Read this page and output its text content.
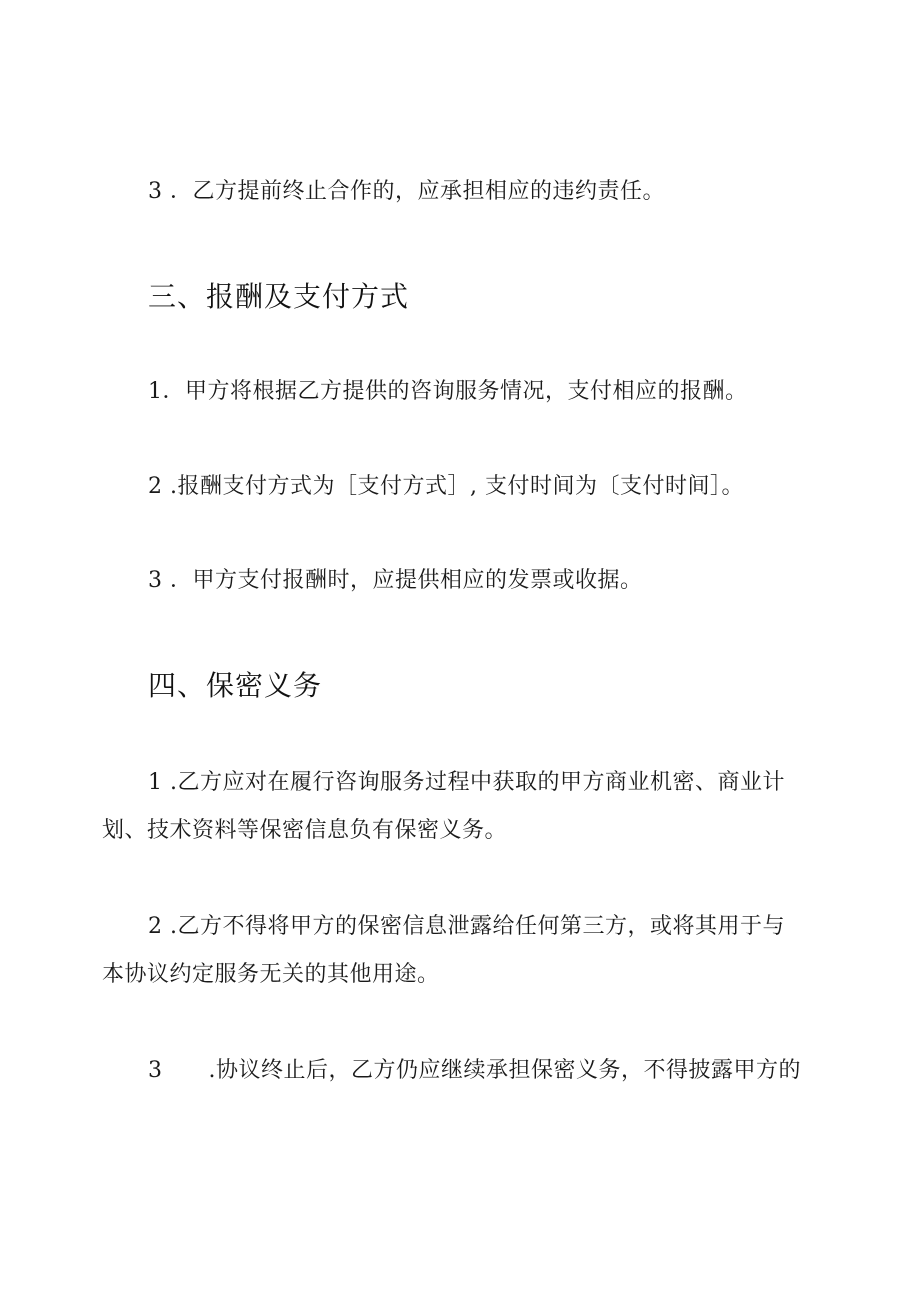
3 ．乙方提前终止合作的，应承担相应的违约责任。
三、报酬及支付方式
1．甲方将根据乙方提供的咨询服务情况，支付相应的报酬。
2 .报酬支付方式为［支付方式］, 支付时间为〔支付时间］。
3 ．甲方支付报酬时，应提供相应的发票或收据。
四、保密义务
1 .乙方应对在履行咨询服务过程中获取的甲方商业机密、商业计
划、技术资料等保密信息负有保密义务。
2 .乙方不得将甲方的保密信息泄露给任何第三方，或将其用于与
本协议约定服务无关的其他用途。
3 .协议终止后，乙方仍应继续承担保密义务，不得披露甲方的
